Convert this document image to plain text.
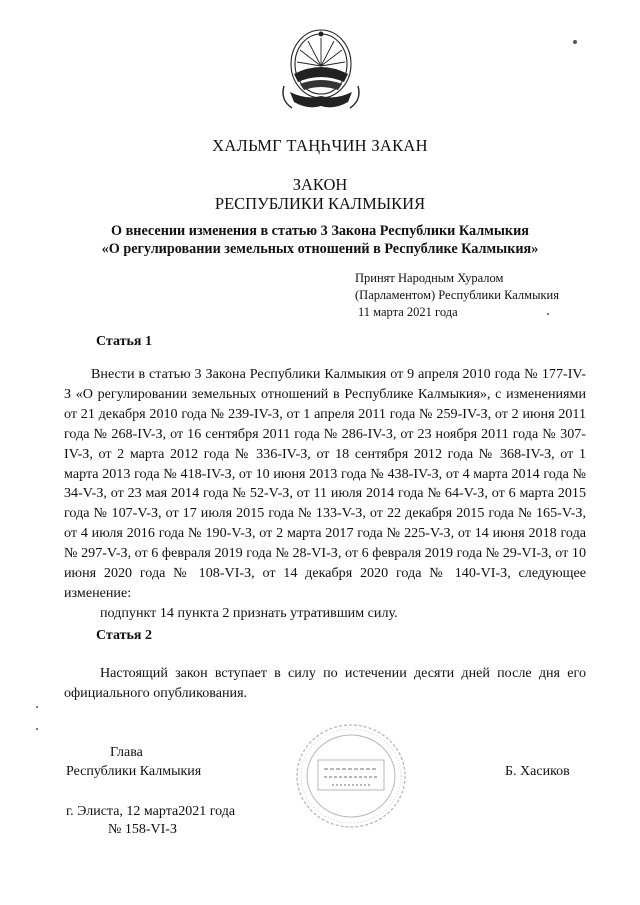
ХАЛЬМГ ТАҢҺЧИН ЗАКАН
ЗАКОН
РЕСПУБЛИКИ КАЛМЫКИЯ
О внесении изменения в статью 3 Закона Республики Калмыкия
«О регулировании земельных отношений в Республике Калмыкия»
Принят Народным Хуралом
(Парламентом) Республики Калмыкия
11 марта 2021 года
Статья 1

Внести в статью 3 Закона Республики Калмыкия от 9 апреля 2010 года № 177-IV-З «О регулировании земельных отношений в Республике Калмыкия», с изменениями от 21 декабря 2010 года № 239-IV-З, от 1 апреля 2011 года № 259-IV-З, от 2 июня 2011 года № 268-IV-З, от 16 сентября 2011 года № 286-IV-З, от 23 ноября 2011 года № 307-IV-З, от 2 марта 2012 года № 336-IV-З, от 18 сентября 2012 года № 368-IV-З, от 1 марта 2013 года № 418-IV-З, от 10 июня 2013 года № 438-IV-З, от 4 марта 2014 года № 34-V-З, от 23 мая 2014 года № 52-V-З, от 11 июля 2014 года № 64-V-З, от 6 марта 2015 года № 107-V-З, от 17 июля 2015 года № 133-V-З, от 22 декабря 2015 года № 165-V-З, от 4 июля 2016 года № 190-V-З, от 2 марта 2017 года № 225-V-З, от 14 июня 2018 года № 297-V-З, от 6 февраля 2019 года № 28-VI-З, от 6 февраля 2019 года № 29-VI-З, от 10 июня 2020 года № 108-VI-З, от 14 декабря 2020 года № 140-VI-З, следующее изменение:

подпункт 14 пункта 2 признать утратившим силу.

Статья 2
Настоящий закон вступает в силу по истечении десяти дней после дня его официального опубликования.
Глава
Республики Калмыкия	Б. Хасиков
г. Элиста, 12 марта2021 года
№ 158-VI-З
